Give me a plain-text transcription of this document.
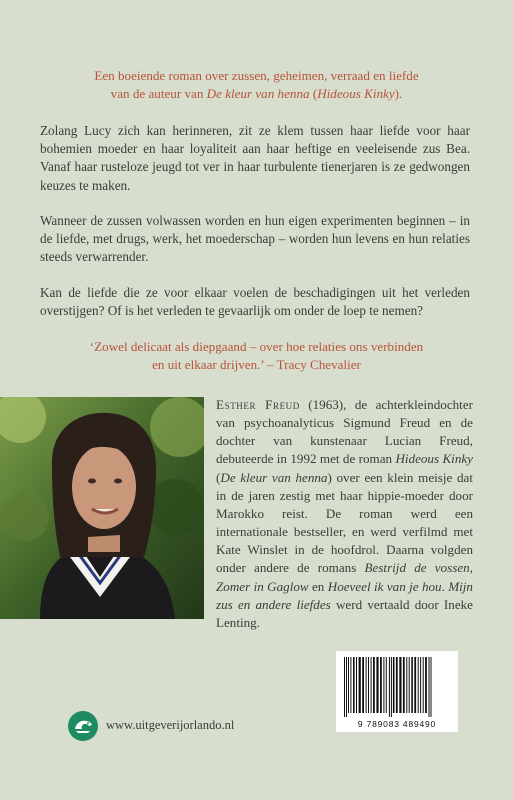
Een boeiende roman over zussen, geheimen, verraad en liefde
van de auteur van De kleur van henna (Hideous Kinky).

Zolang Lucy zich kan herinneren, zit ze klem tussen haar liefde voor haar bohemien moeder en haar loyaliteit aan haar heftige en veeleisende zus Bea. Vanaf haar rusteloze jeugd tot ver in haar turbulente tienerjaren is ze gedwongen keuzes te maken.

Wanneer de zussen volwassen worden en hun eigen experimenten beginnen – in de liefde, met drugs, werk, het moederschap – worden hun levens en hun relaties steeds verwarrender.

Kan de liefde die ze voor elkaar voelen de beschadigingen uit het verleden overstijgen? Of is het verleden te gevaarlijk om onder de loep te nemen?

‘Zowel delicaat als diepgaand – over hoe relaties ons verbinden
en uit elkaar drijven.’ – Tracy Chevalier

Esther Freud (1963), de achterkleindochter van psychoanalyticus Sigmund Freud en de dochter van kunstenaar Lucian Freud, debuteerde in 1992 met de roman Hideous Kinky (De kleur van henna) over een klein meisje dat in de jaren zestig met haar hippie-moeder door Marokko reist. De roman werd een internationale bestseller, en werd verfilmd met Kate Winslet in de hoofdrol. Daarna volgden onder andere de romans Bestrijd de vossen, Zomer in Gaglow en Hoeveel ik van je hou. Mijn zus en andere liefdes werd vertaald door Ineke Lenting.

9 789083 489490
www.uitgeverijorlando.nl
